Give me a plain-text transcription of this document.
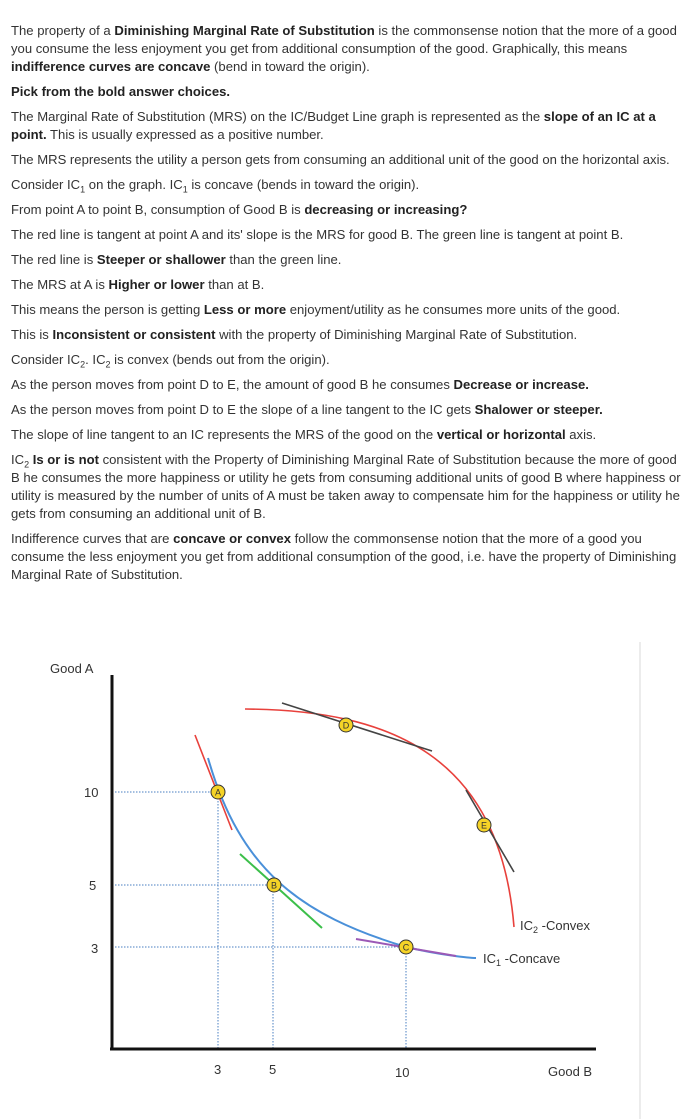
The property of a Diminishing Marginal Rate of Substitution is the commonsense notion that the more of a good you consume the less enjoyment you get from additional consumption of the good. Graphically, this means indifference curves are concave (bend in toward the origin).

Pick from the bold answer choices.

The Marginal Rate of Substitution (MRS) on the IC/Budget Line graph is represented as the slope of an IC at a point. This is usually expressed as a positive number.

The MRS represents the utility a person gets from consuming an additional unit of the good on the horizontal axis.

Consider $IC_1$ on the graph. $IC_1$ is concave (bends in toward the origin).

From point A to point B, consumption of Good B is decreasing or increasing?

The red line is tangent at point A and its' slope is the MRS for good B. The green line is tangent at point B.

The red line is Steeper or shallower than the green line.

The MRS at A is Higher or lower than at B.

This means the person is getting Less or more enjoyment/utility as he consumes more units of the good.

This is Inconsistent or consistent with the property of Diminishing Marginal Rate of Substitution.

Consider $IC_2$. $IC_2$ is convex (bends out from the origin).

As the person moves from point D to E, the amount of good B he consumes Decrease or increase.

As the person moves from point D to E the slope of a line tangent to the IC gets Shalower or steeper.

The slope of line tangent to an IC represents the MRS of the good on the vertical or horizontal axis.

$IC_2$ Is or is not consistent with the Property of Diminishing Marginal Rate of Substitution because the more of good B he consumes the more happiness or utility he gets from consuming additional units of good B where happiness or utility is measured by the number of units of A must be taken away to compensate him for the happiness or utility he gets from consuming an additional unit of B.

Indifference curves that are concave or convex follow the commonsense notion that the more of a good you consume the less enjoyment you get from additional consumption of the good, i.e. have the property of Diminishing Marginal Rate of Substitution.

Good A
Good B
10
5
3
3	5	10
A
B
C
D
E
$IC_2$ -Convex
$IC_1$ -Concave
